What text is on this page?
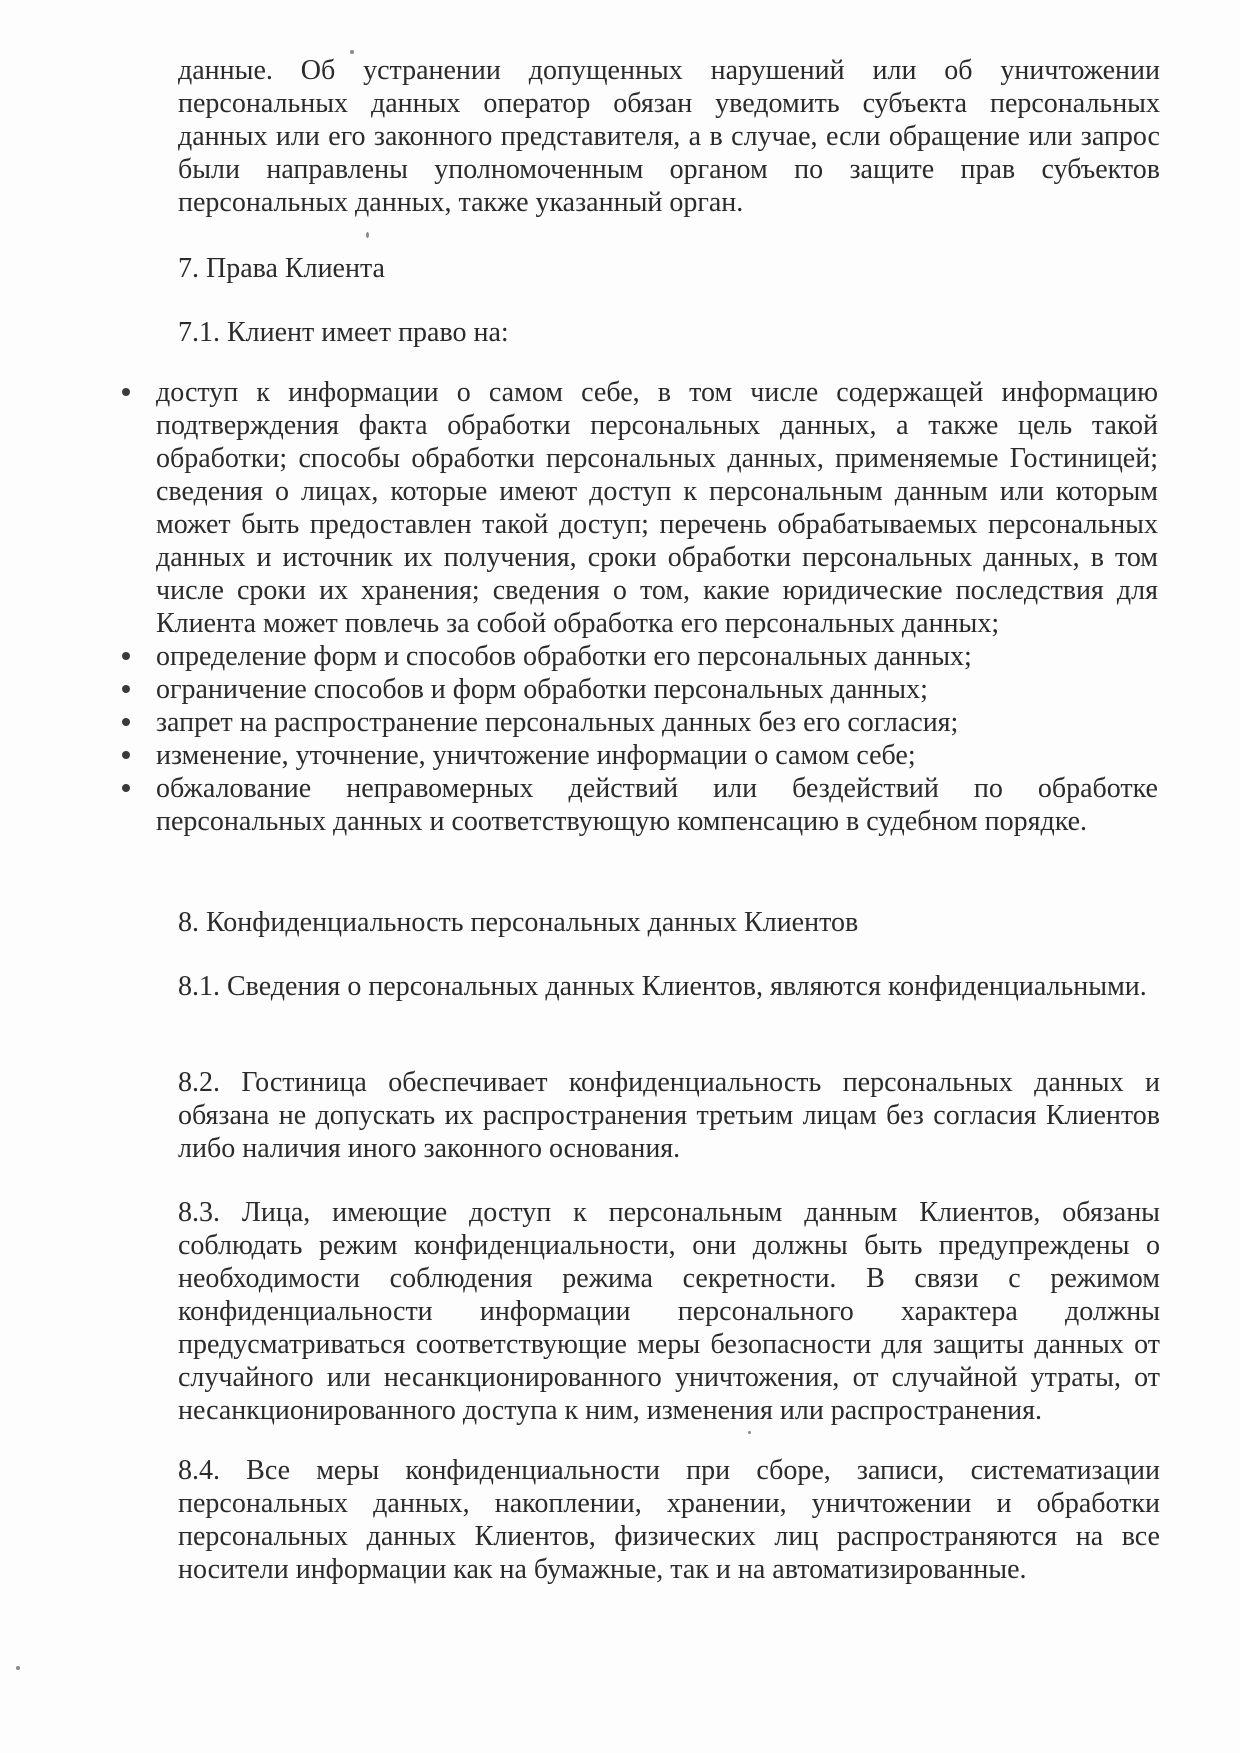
данные. Об устранении допущенных нарушений или об уничтожении персональных данных оператор обязан уведомить субъекта персональных данных или его законного представителя, а в случае, если обращение или запрос были направлены уполномоченным органом по защите прав субъектов персональных данных, также указанный орган.

7. Права Клиента

7.1. Клиент имеет право на:

доступ к информации о самом себе, в том числе содержащей информацию подтверждения факта обработки персональных данных, а также цель такой обработки; способы обработки персональных данных, применяемые Гостиницей; сведения о лицах, которые имеют доступ к персональным данным или которым может быть предоставлен такой доступ; перечень обрабатываемых персональных данных и источник их получения, сроки обработки персональных данных, в том числе сроки их хранения; сведения о том, какие юридические последствия для Клиента может повлечь за собой обработка его персональных данных;
определение форм и способов обработки его персональных данных;
ограничение способов и форм обработки персональных данных;
запрет на распространение персональных данных без его согласия;
изменение, уточнение, уничтожение информации о самом себе;
обжалование неправомерных действий или бездействий по обработке персональных данных и соответствующую компенсацию в судебном порядке.

8. Конфиденциальность персональных данных Клиентов

8.1. Сведения о персональных данных Клиентов, являются конфиденциальными.

8.2. Гостиница обеспечивает конфиденциальность персональных данных и обязана не допускать их распространения третьим лицам без согласия Клиентов либо наличия иного законного основания.

8.3. Лица, имеющие доступ к персональным данным Клиентов, обязаны соблюдать режим конфиденциальности, они должны быть предупреждены о необходимости соблюдения режима секретности. В связи с режимом конфиденциальности информации персонального характера должны предусматриваться соответствующие меры безопасности для защиты данных от случайного или несанкционированного уничтожения, от случайной утраты, от несанкционированного доступа к ним, изменения или распространения.

8.4. Все меры конфиденциальности при сборе, записи, систематизации персональных данных, накоплении, хранении, уничтожении и обработки персональных данных Клиентов, физических лиц распространяются на все носители информации как на бумажные, так и на автоматизированные.
